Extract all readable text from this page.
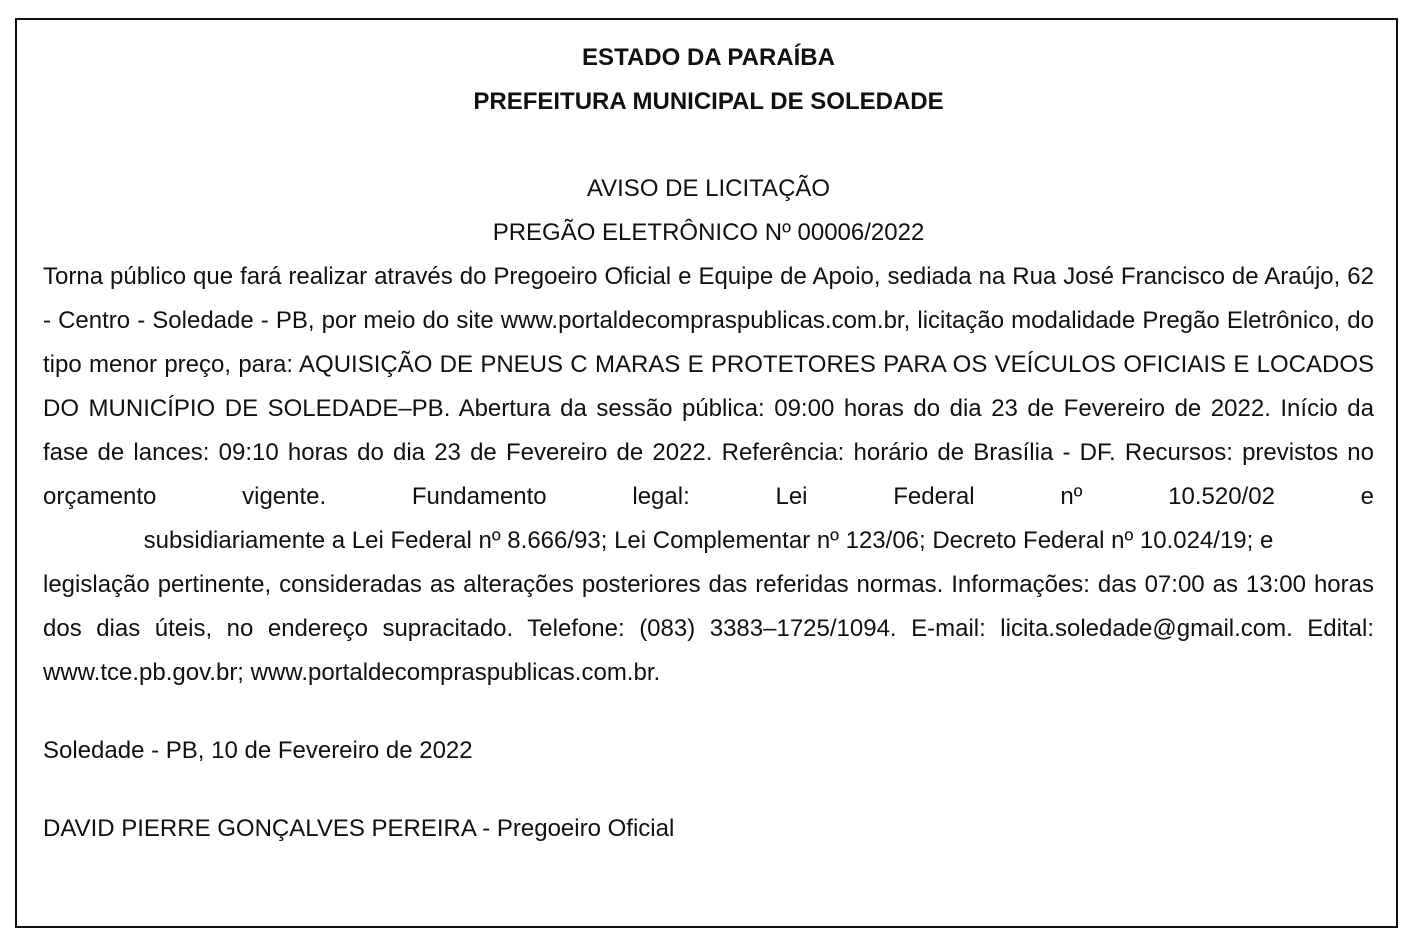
ESTADO DA PARAÍBA
PREFEITURA MUNICIPAL DE SOLEDADE
AVISO DE LICITAÇÃO
PREGÃO ELETRÔNICO Nº 00006/2022
Torna público que fará realizar através do Pregoeiro Oficial e Equipe de Apoio, sediada na Rua José Francisco de Araújo, 62 - Centro - Soledade - PB, por meio do site www.portaldecompraspublicas.com.br, licitação modalidade Pregão Eletrônico, do tipo menor preço, para: AQUISIÇÃO DE PNEUS C MARAS E PROTETORES PARA OS VEÍCULOS OFICIAIS E LOCADOS DO MUNICÍPIO DE SOLEDADE–PB. Abertura da sessão pública: 09:00 horas do dia 23 de Fevereiro de 2022. Início da fase de lances: 09:10 horas do dia 23 de Fevereiro de 2022. Referência: horário de Brasília - DF. Recursos: previstos no orçamento vigente. Fundamento legal: Lei Federal nº 10.520/02 e
subsidiariamente a Lei Federal nº 8.666/93; Lei Complementar nº 123/06; Decreto Federal nº 10.024/19; e
legislação pertinente, consideradas as alterações posteriores das referidas normas. Informações: das 07:00 as 13:00 horas dos dias úteis, no endereço supracitado. Telefone: (083) 3383–1725/1094. E-mail: licita.soledade@gmail.com. Edital: www.tce.pb.gov.br; www.portaldecompraspublicas.com.br.
Soledade - PB, 10 de Fevereiro de 2022
DAVID PIERRE GONÇALVES PEREIRA - Pregoeiro Oficial
